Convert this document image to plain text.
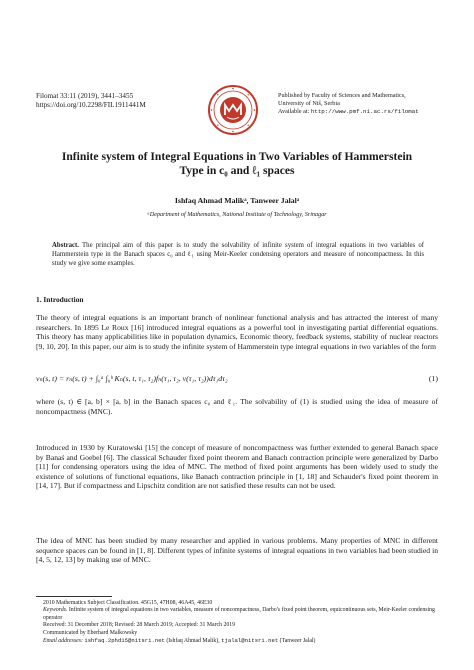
Filomat 33:11 (2019), 3441–3455
https://doi.org/10.2298/FIL1911441M
Published by Faculty of Sciences and Mathematics,
University of Niš, Serbia
Available at: http://www.pmf.ni.ac.rs/filomat
Infinite system of Integral Equations in Two Variables of Hammerstein
Type in c₀ and ℓ₁ spaces
Ishfaq Ahmad Malikᵃ, Tanweer Jalalᵃ
ᵃDepartment of Mathematics, National Institute of Technology, Srinagar
Abstract. The principal aim of this paper is to study the solvability of infinite system of integral equations in two variables of Hammerstein type in the Banach spaces c₀ and ℓ₁ using Meir-Keeler condensing operators and measure of noncompactness. In this study we give some examples.
1. Introduction
The theory of integral equations is an important branch of nonlinear functional analysis and has attracted the interest of many researchers. In 1895 Le Roux [16] introduced integral equations as a powerful tool in investigating partial differential equations. This theory has many applicabilities like in population dynamics, Economic theory, feedback systems, stability of nuclear reactors [9, 10, 20]. In this paper, our aim is to study the infinite system of Hammerstein type integral equations in two variables of the form
vₙ(s, t) = rₙ(s, t) + ∫₀ᵃ ∫₀ᵇ Kₙ(s, t, τ₁, τ₂)fₙ(τ₁, τ₂, v(τ₁, τ₂))dτ₁dτ₂	(1)
where (s, t) ∈ [a, b] × [a, b] in the Banach spaces c₀ and ℓ₁. The solvability of (1) is studied using the idea of measure of noncompactness (MNC).
Introduced in 1930 by Kuratowski [15] the concept of measure of noncompactness was further extended to general Banach space by Banaś and Goebel [6]. The classical Schauder fixed point theorem and Banach contraction principle were generalized by Darbo [11] for condensing operators using the idea of MNC. The method of fixed point arguments has been widely used to study the existence of solutions of functional equations, like Banach contraction principle in [1, 18] and Schauder's fixed point theorem in [14, 17]. But if compactness and Lipschitz condition are not satisfied these results can not be used.
The idea of MNC has been studied by many researcher and applied in various problems. Many properties of MNC in different sequence spaces can be found in [1, 8]. Different types of infinite systems of integral equations in two variables had been studied in [4, 5, 12, 13] by making use of MNC.
2010 Mathematics Subject Classification. 45G15, 47H08, 46A45, 46E30
Keywords. Infinite system of integral equations in two variables, measure of noncompactness, Darbo's fixed point theorem, equicontinuous sets, Meir-Keeler condensing operator
Received: 31 December 2018; Revised: 28 March 2019; Accepted: 31 March 2019
Communicated by Eberhard Malkowsky
Email addresses: ishfaq.2phd15@nitsri.net (Ishfaq Ahmad Malik), tjalal@nitsri.net (Tanweer Jalal)
